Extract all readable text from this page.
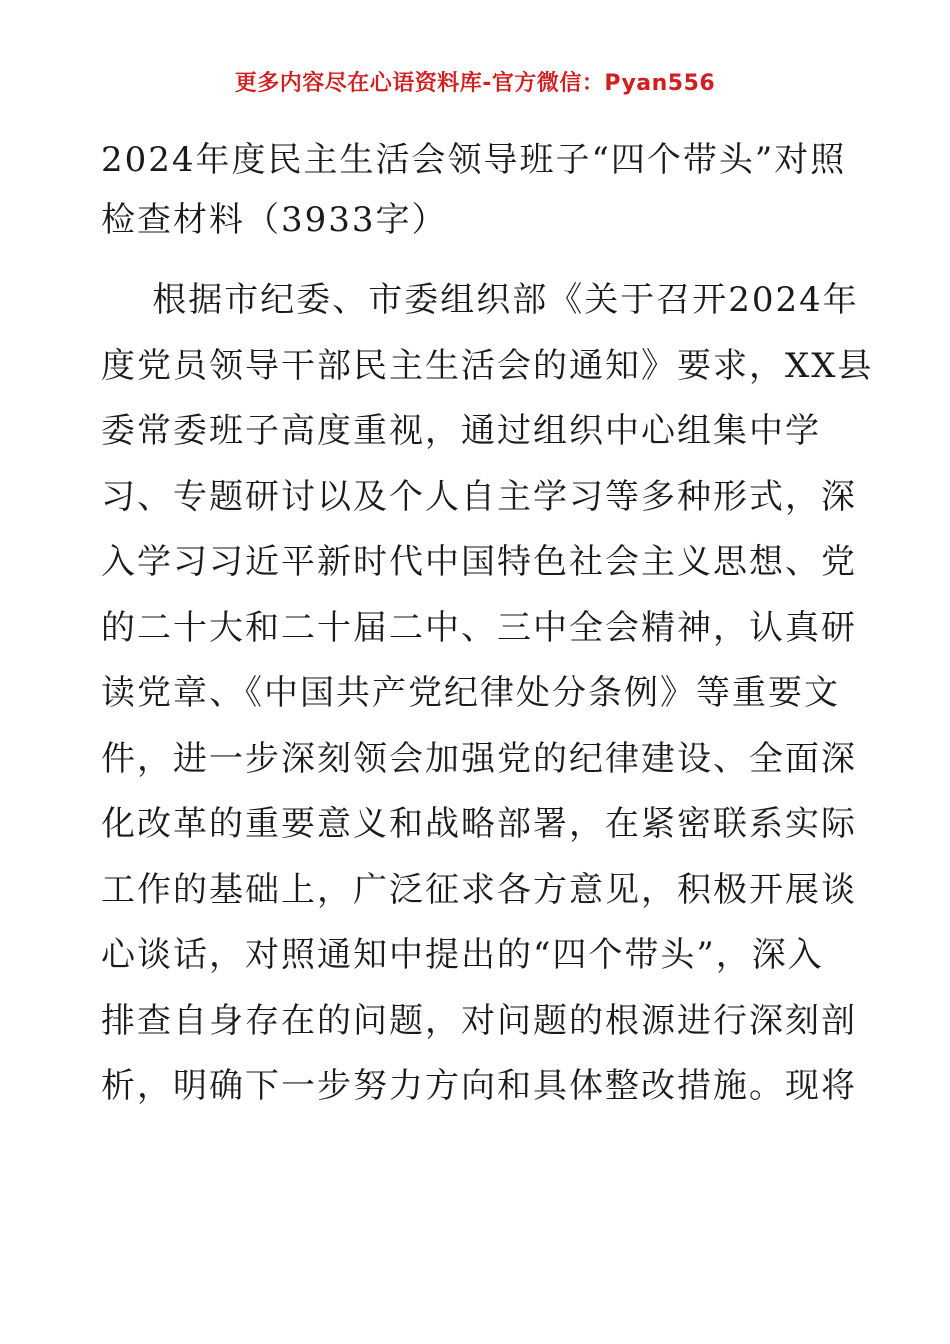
更多内容尽在心语资料库-官方微信：Pyan556
2024年度民主生活会领导班子“四个带头”对照
检查材料（3933字）
根据市纪委、市委组织部《关于召开2024年
度党员领导干部民主生活会的通知》要求，XX县
委常委班子高度重视，通过组织中心组集中学
习、专题研讨以及个人自主学习等多种形式，深
入学习习近平新时代中国特色社会主义思想、党
的二十大和二十届二中、三中全会精神，认真研
读党章、《中国共产党纪律处分条例》等重要文
件，进一步深刻领会加强党的纪律建设、全面深
化改革的重要意义和战略部署，在紧密联系实际
工作的基础上，广泛征求各方意见，积极开展谈
心谈话，对照通知中提出的“四个带头”，深入
排查自身存在的问题，对问题的根源进行深刻剖
析，明确下一步努力方向和具体整改措施。现将
